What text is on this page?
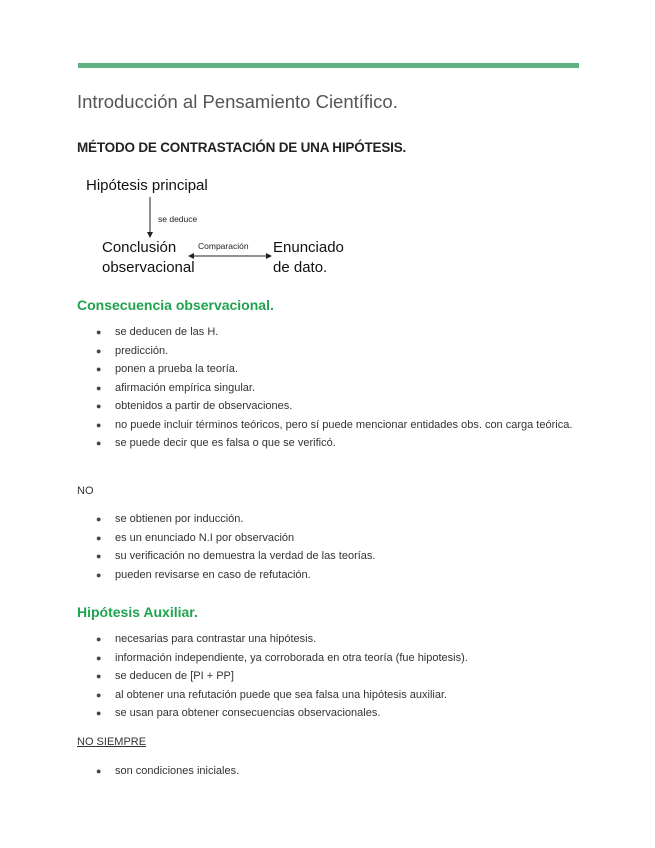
Introducción al Pensamiento Científico.
MÉTODO DE CONTRASTACIÓN DE UNA HIPÓTESIS.
Hipótesis principal
se deduce
Conclusión
observacional
Comparación Enunciado
de dato.
Consecuencia observacional.
● se deducen de las H.
● predicción.
● ponen a prueba la teoría.
● afirmación empírica singular.
● obtenidos a partir de observaciones.
● no puede incluir términos teóricos, pero sí puede mencionar entidades obs. con carga teórica.
● se puede decir que es falsa o que se verificó.

NO

● se obtienen por inducción.
● es un enunciado N.I por observación
● su verificación no demuestra la verdad de las teorías.
● pueden revisarse en caso de refutación.
Hipótesis Auxiliar.
● necesarias para contrastar una hipótesis.
● información independiente, ya corroborada en otra teoría (fue hipotesis).
● se deducen de [PI + PP]
● al obtener una refutación puede que sea falsa una hipótesis auxiliar.
● se usan para obtener consecuencias observacionales.

NO SIEMPRE

● son condiciones iniciales.
